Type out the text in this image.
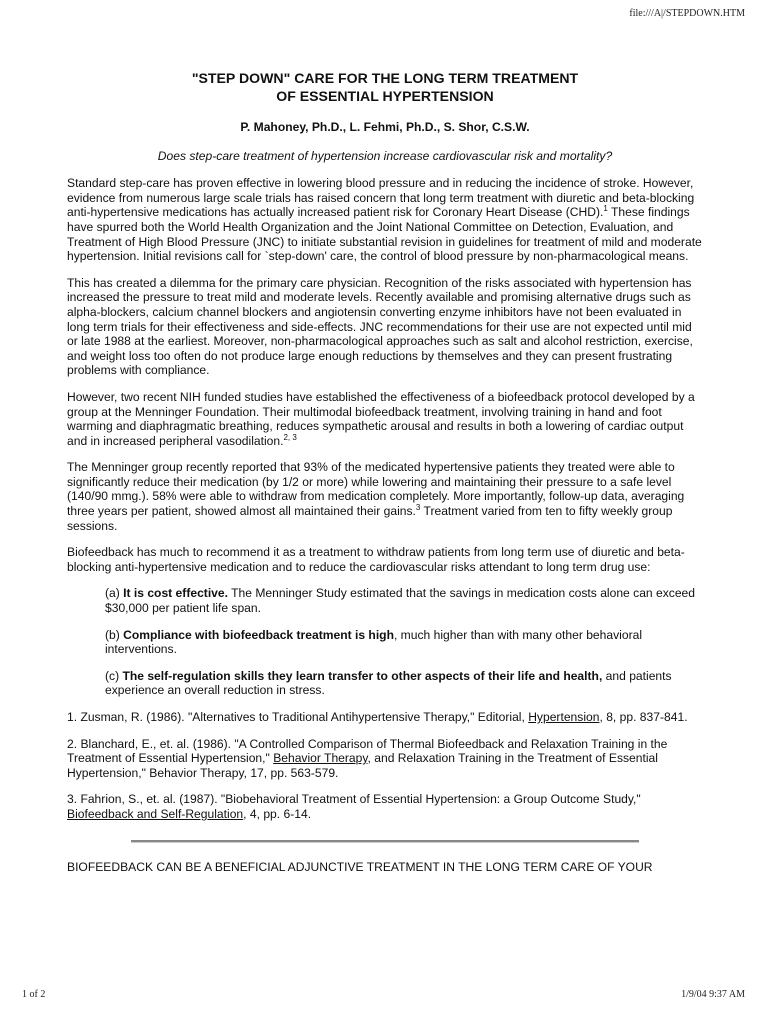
file:///A|/STEPDOWN.HTM
"STEP DOWN" CARE FOR THE LONG TERM TREATMENT
OF ESSENTIAL HYPERTENSION
P. Mahoney, Ph.D., L. Fehmi, Ph.D., S. Shor, C.S.W.
Does step-care treatment of hypertension increase cardiovascular risk and mortality?

Standard step-care has proven effective in lowering blood pressure and in reducing the incidence of stroke. However, evidence from numerous large scale trials has raised concern that long term treatment with diuretic and beta-blocking anti-hypertensive medications has actually increased patient risk for Coronary Heart Disease (CHD).$^1$ These findings have spurred both the World Health Organization and the Joint National Committee on Detection, Evaluation, and Treatment of High Blood Pressure (JNC) to initiate substantial revision in guidelines for treatment of mild and moderate hypertension. Initial revisions call for `step-down' care, the control of blood pressure by non-pharmacological means.

This has created a dilemma for the primary care physician. Recognition of the risks associated with hypertension has increased the pressure to treat mild and moderate levels. Recently available and promising alternative drugs such as alpha-blockers, calcium channel blockers and angiotensin converting enzyme inhibitors have not been evaluated in long term trials for their effectiveness and side-effects. JNC recommendations for their use are not expected until mid or late 1988 at the earliest. Moreover, non-pharmacological approaches such as salt and alcohol restriction, exercise, and weight loss too often do not produce large enough reductions by themselves and they can present frustrating problems with compliance.

However, two recent NIH funded studies have established the effectiveness of a biofeedback protocol developed by a group at the Menninger Foundation. Their multimodal biofeedback treatment, involving training in hand and foot warming and diaphragmatic breathing, reduces sympathetic arousal and results in both a lowering of cardiac output and in increased peripheral vasodilation.$^{2, 3}$

The Menninger group recently reported that 93% of the medicated hypertensive patients they treated were able to significantly reduce their medication (by 1/2 or more) while lowering and maintaining their pressure to a safe level (140/90 mmg.). 58% were able to withdraw from medication completely. More importantly, follow-up data, averaging three years per patient, showed almost all maintained their gains.$^3$ Treatment varied from ten to fifty weekly group sessions.

Biofeedback has much to recommend it as a treatment to withdraw patients from long term use of diuretic and beta-blocking anti-hypertensive medication and to reduce the cardiovascular risks attendant to long term drug use:

(a) It is cost effective. The Menninger Study estimated that the savings in medication costs alone can exceed $30,000 per patient life span.

(b) Compliance with biofeedback treatment is high, much higher than with many other behavioral interventions.

(c) The self-regulation skills they learn transfer to other aspects of their life and health, and patients experience an overall reduction in stress.

1. Zusman, R. (1986). "Alternatives to Traditional Antihypertensive Therapy," Editorial, Hypertension, 8, pp. 837-841.

2. Blanchard, E., et. al. (1986). "A Controlled Comparison of Thermal Biofeedback and Relaxation Training in the Treatment of Essential Hypertension," Behavior Therapy, and Relaxation Training in the Treatment of Essential Hypertension," Behavior Therapy, 17, pp. 563-579.

3. Fahrion, S., et. al. (1987). "Biobehavioral Treatment of Essential Hypertension: a Group Outcome Study," Biofeedback and Self-Regulation, 4, pp. 6-14.

BIOFEEDBACK CAN BE A BENEFICIAL ADJUNCTIVE TREATMENT IN THE LONG TERM CARE OF YOUR

1 of 2	1/9/04 9:37 AM
